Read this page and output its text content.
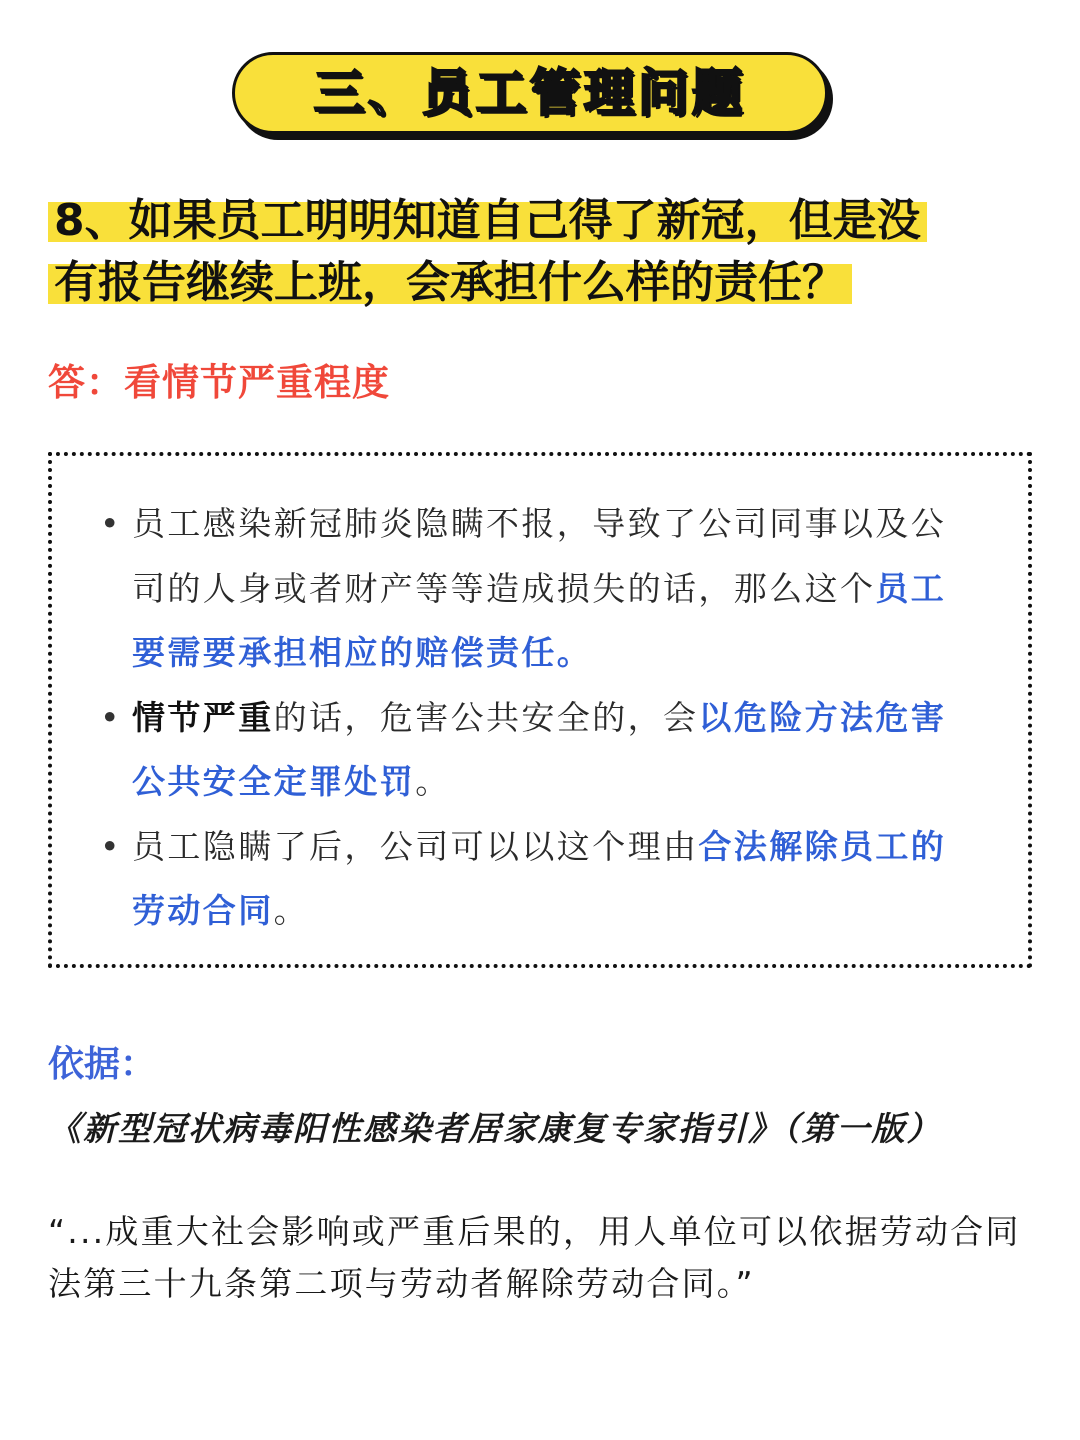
三、员工管理问题
8、如果员工明明知道自己得了新冠，但是没
有报告继续上班，会承担什么样的责任？
答：看情节严重程度
• 员工感染新冠肺炎隐瞒不报，导致了公司同事以及公司的人身或者财产等等造成损失的话，那么这个员工要需要承担相应的赔偿责任。
• 情节严重的话，危害公共安全的，会以危险方法危害公共安全定罪处罚。
• 员工隐瞒了后，公司可以以这个理由合法解除员工的劳动合同。
依据：
《新型冠状病毒阳性感染者居家康复专家指引》（第一版）
“...成重大社会影响或严重后果的，用人单位可以依据劳动合同法第三十九条第二项与劳动者解除劳动合同。”
